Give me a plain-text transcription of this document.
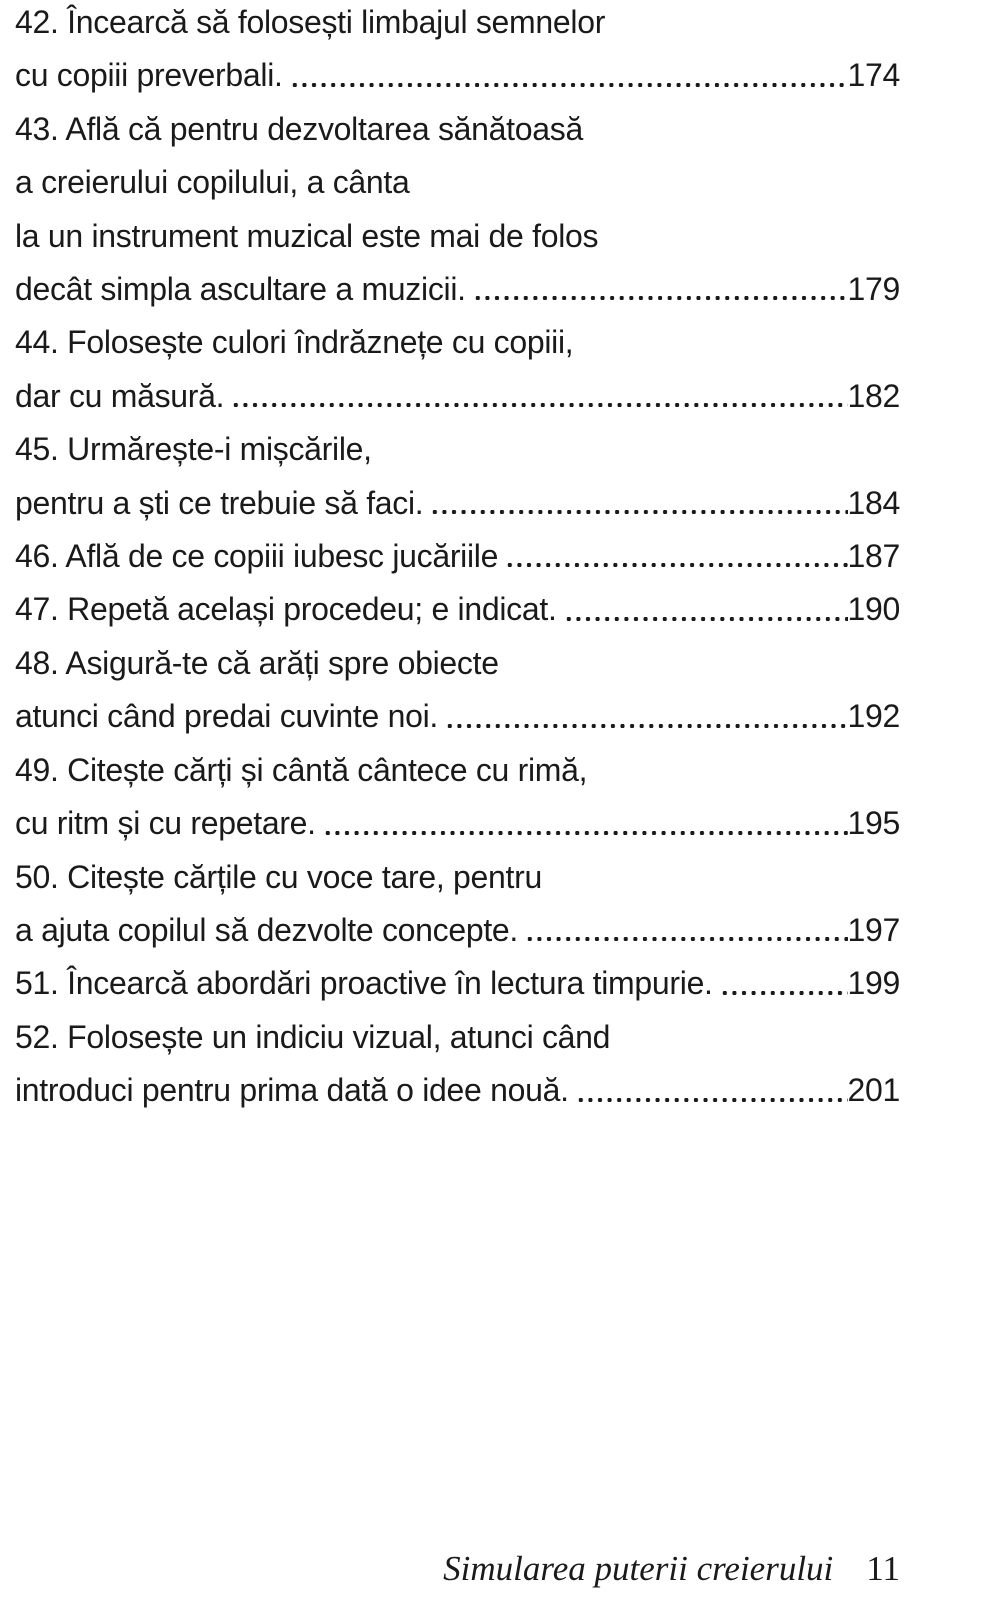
42. Încearcă să folosești limbajul semnelor
cu copiii preverbali.	174
43. Află că pentru dezvoltarea sănătoasă
a creierului copilului, a cânta
la un instrument muzical este mai de folos
decât simpla ascultare a muzicii.	179
44. Folosește culori îndrăznețe cu copiii,
dar cu măsură.	182
45. Urmărește-i mișcările,
pentru a ști ce trebuie să faci.	184
46. Află de ce copiii iubesc jucăriile	187
47. Repetă același procedeu; e indicat.	190
48. Asigură-te că arăți spre obiecte
atunci când predai cuvinte noi.	192
49. Citește cărți și cântă cântece cu rimă,
cu ritm și cu repetare.	195
50. Citește cărțile cu voce tare, pentru
a ajuta copilul să dezvolte concepte.	197
51. Încearcă abordări proactive în lectura timpurie.	199
52. Folosește un indiciu vizual, atunci când
introduci pentru prima dată o idee nouă.	201
Simularea puterii creierului 11
